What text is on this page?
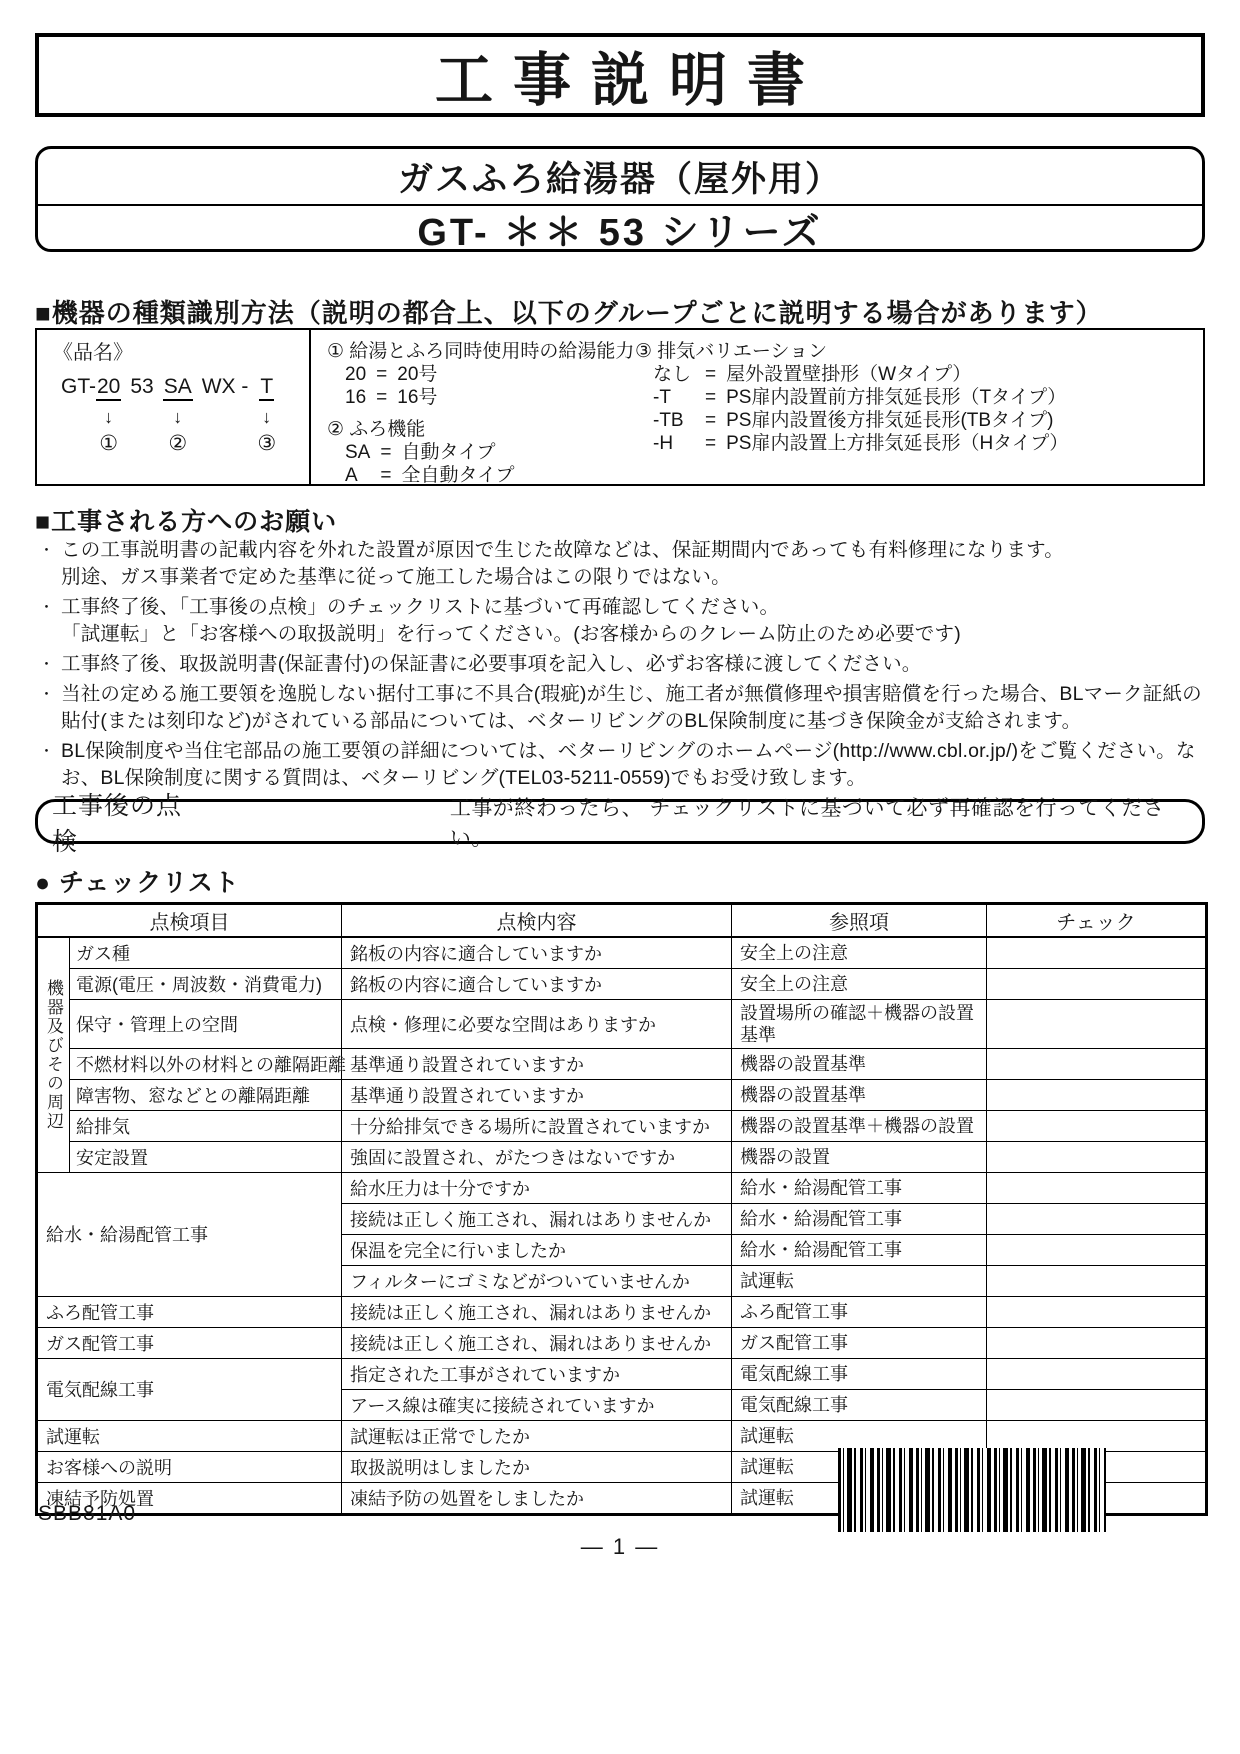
工事説明書
ガスふろ給湯器（屋外用）
GT- ＊＊ 53 シリーズ
■機器の種類識別方法（説明の都合上、以下のグループごとに説明する場合があります）
《品名》
GT- 20
↓
①
53 SA
↓
②
WX - T
↓
③
① 給湯とふろ同時使用時の給湯能力
20 = 20号
16 = 16号
② ふろ機能
SA = 自動タイプ
A	= 全自動タイプ
③ 排気バリエーション
なし = 屋外設置壁掛形（Wタイプ）
-T	= PS扉内設置前方排気延長形（Tタイプ）
-TB	= PS扉内設置後方排気延長形(TBタイプ)
-H	= PS扉内設置上方排気延長形（Hタイプ）
■工事される方へのお願い
・ この工事説明書の記載内容を外れた設置が原因で生じた故障などは、保証期間内であっても有料修理になります。
別途、ガス事業者で定めた基準に従って施工した場合はこの限りではない。
・ 工事終了後、「工事後の点検」のチェックリストに基づいて再確認してください。
「試運転」と「お客様への取扱説明」を行ってください。(お客様からのクレーム防止のため必要です)
・ 工事終了後、取扱説明書(保証書付)の保証書に必要事項を記入し、必ずお客様に渡してください。
・ 当社の定める施工要領を逸脱しない据付工事に不具合(瑕疵)が生じ、施工者が無償修理や損害賠償を行った場合、BLマーク証紙の貼付(または刻印など)がされている部品については、ベターリビングのBL保険制度に基づき保険金が支給されます。
・ BL保険制度や当住宅部品の施工要領の詳細については、ベターリビングのホームページ(http://www.cbl.or.jp/)をご覧ください。なお、BL保険制度に関する質問は、ベターリビング(TEL03-5211-0559)でもお受け致します。
工事後の点検
工事が終わったら、 チェックリストに基づいて必ず再確認を行ってください。
● チェックリスト
点検項目		点検内容	参照項	チェック
機器及びその周辺	ガス種	銘板の内容に適合していますか	安全上の注意	
	電源(電圧・周波数・消費電力)	銘板の内容に適合していますか	安全上の注意	
	保守・管理上の空間	点検・修理に必要な空間はありますか	設置場所の確認＋機器の設置基準	
	不燃材料以外の材料との離隔距離	基準通り設置されていますか	機器の設置基準	
	障害物、窓などとの離隔距離	基準通り設置されていますか	機器の設置基準	
	給排気	十分給排気できる場所に設置されていますか	機器の設置基準＋機器の設置	
	安定設置	強固に設置され、がたつきはないですか	機器の設置	
給水・給湯配管工事		給水圧力は十分ですか	給水・給湯配管工事	
		接続は正しく施工され、漏れはありませんか	給水・給湯配管工事	
		保温を完全に行いましたか	給水・給湯配管工事	
		フィルターにゴミなどがついていませんか	試運転	
ふろ配管工事		接続は正しく施工され、漏れはありませんか	ふろ配管工事	
ガス配管工事		接続は正しく施工され、漏れはありませんか	ガス配管工事	
電気配線工事		指定された工事がされていますか	電気配線工事	
		アース線は確実に接続されていますか	電気配線工事	
試運転		試運転は正常でしたか	試運転	
お客様への説明		取扱説明はしましたか	試運転	
凍結予防処置		凍結予防の処置をしましたか	試運転	
SBB81A0
— 1 —
